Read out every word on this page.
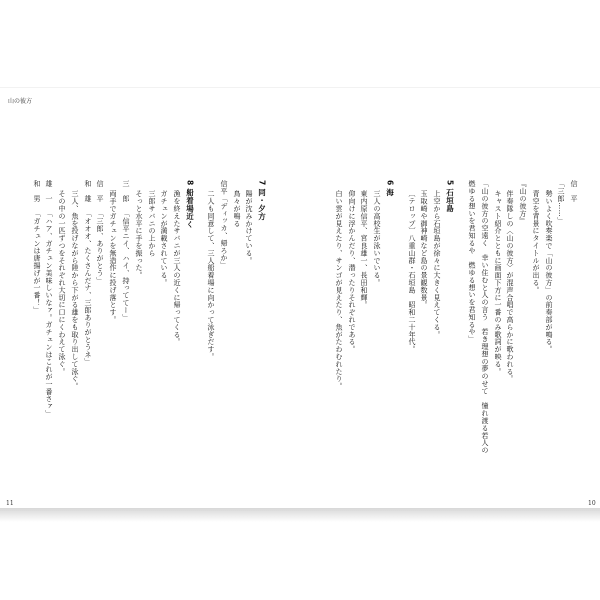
山の彼方
11	10
信　平
「三郎……」
勢いよく吹奏楽で「山の彼方」の前奏部が鳴る。
青空を背景にタイトルが出る。
『山の彼方』
伴奏隊しの〈山の彼方〉が混声合唱で高らかに歌われる。
キャスト紹介とともに画面下方に一番のみ歌詞が映る。
「山の彼方の空遠く　幸い住むと人の言う　若き理想の夢のせて　憧れ渡る若人の
燃ゆる想いを君知るや　燃ゆる想いを君知るや」
5 石垣島
上空から石垣島が徐々に大きく見えてくる。
玉取崎や御神崎など島の景観数景。
〔テロップ〕八重山群・石垣島　昭和二十年代。
6 海
三人の高校生が泳いでいる。
東内原信平、宮良雄一、長田和輝。
仰向けに浮かんだり、潜ったりそれぞれである。
白い雲が見えたり、サンゴが見えたり、魚がたわむれたり。
7 同・夕方
陽が沈みかけている。
鳥々が鳴る
信平「ディッカ、帰ろか」
二人も同意して、三人船着場に向かって泳ぎだす。
8 船着場近く
漁を終えたサバニが三人の近くに帰ってくる。
ガチュンが満載されている。
三郎サバニの上から
そっと水平に手を振った。
三　郎
「信平ニイ、ハイ、持っててー」
両手でガチュンを無造作に投げ落とす。
信　平
「三郎、ありがとう」
和　雄
「オオオ、たくさんだナ、三郎ありがとうネ」
三人、魚を投げながら陸から下がる雄をも取り出して泳ぐ。
その中の一匹ずつをそれぞれ大切に口にくわえて泳ぐ。
雄　一
「ハア、ガチュン美味しいなァ。ガチュンはこれが一番さァ」
和　男
「ガチュンは唐揚げが一番！」
